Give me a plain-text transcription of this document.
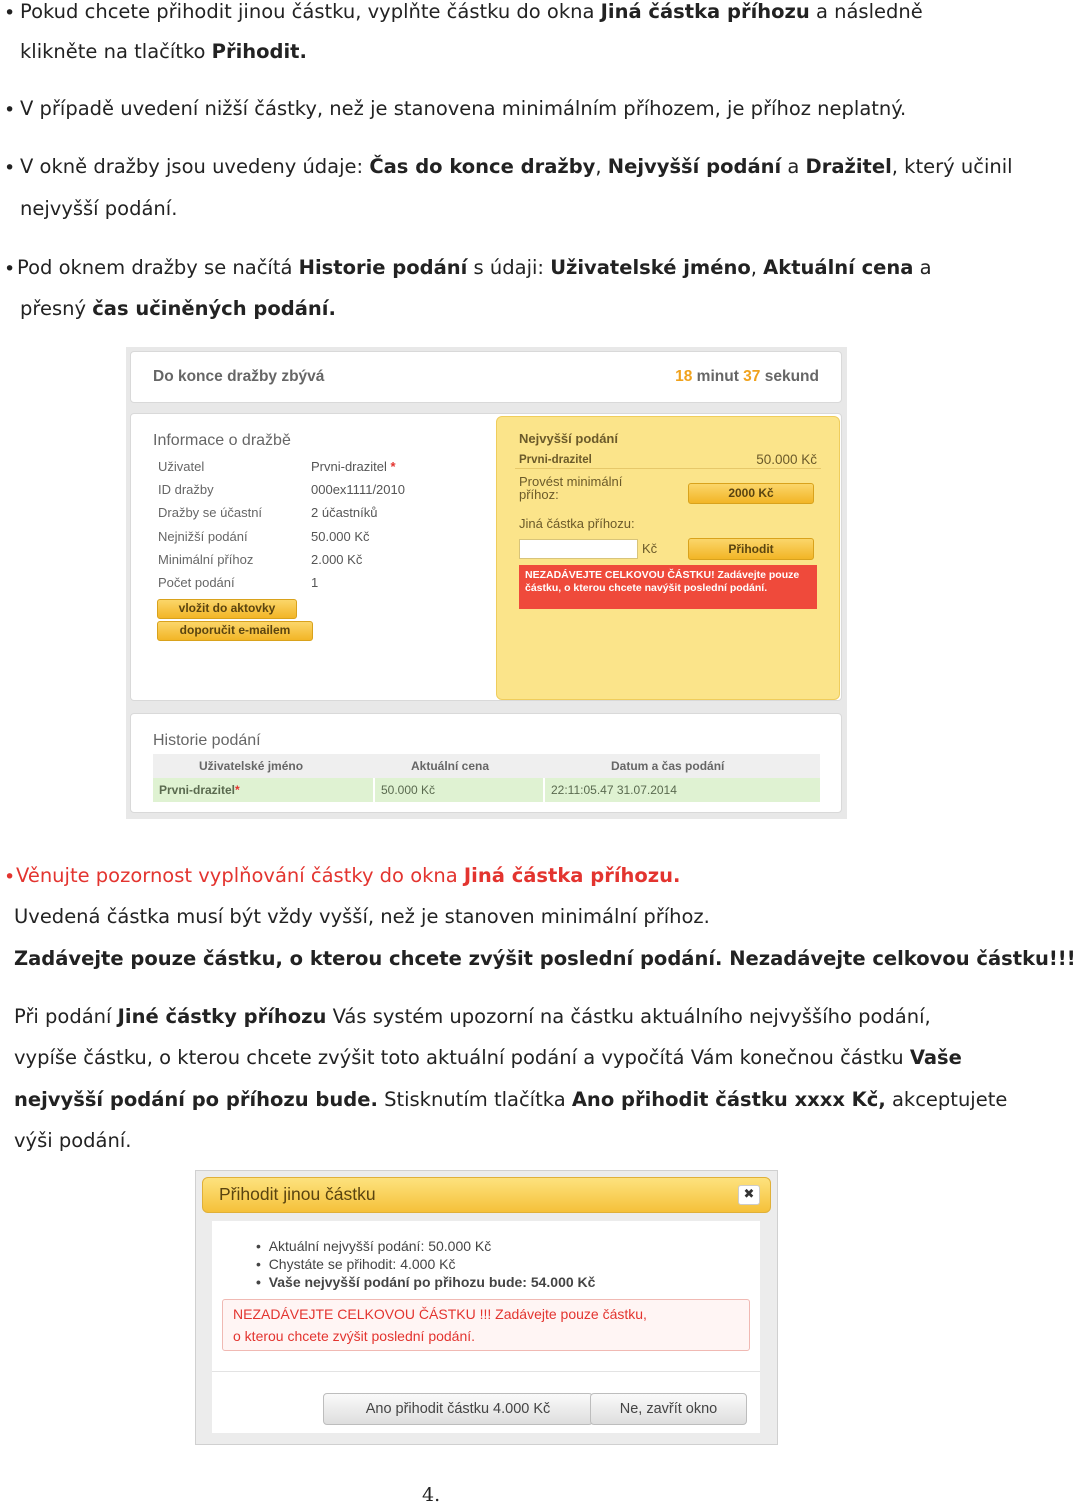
• Pokud chcete přihodit jinou částku, vyplňte částku do okna Jiná částka příhozu a následně
klikněte na tlačítko Přihodit.
• V případě uvedení nižší částky, než je stanovena minimálním příhozem, je příhoz neplatný.
• V okně dražby jsou uvedeny údaje: Čas do konce dražby, Nejvyšší podání a Dražitel, který učinil
nejvyšší podání.
• Pod oknem dražby se načítá Historie podání s údaji: Uživatelské jméno, Aktuální cena a
přesný čas učiněných podání.
Do konce dražby zbývá	18 minut 37 sekund
Informace o dražbě
Uživatel	Prvni-drazitel *
ID dražby	000ex1111/2010
Dražby se účastní	2 účastníků
Nejnižší podání	50.000 Kč
Minimální příhoz	2.000 Kč
Počet podání	1
vložit do aktovky
doporučit e-mailem
Nejvyšší podání
Prvni-drazitel	50.000 Kč
Provést minimální
příhoz:	2000 Kč
Jiná částka příhozu:
Kč	Přihodit
NEZADÁVEJTE CELKOVOU ČÁSTKU! Zadávejte pouze částku, o kterou chcete navýšit poslední podání.
Historie podání
Uživatelské jméno	Aktuální cena	Datum a čas podání
Prvni-drazitel*	50.000 Kč	22:11:05.47 31.07.2014
• Věnujte pozornost vyplňování částky do okna Jiná částka příhozu.
Uvedená částka musí být vždy vyšší, než je stanoven minimální příhoz.
Zadávejte pouze částku, o kterou chcete zvýšit poslední podání. Nezadávejte celkovou částku!!!
Při podání Jiné částky příhozu Vás systém upozorní na částku aktuálního nejvyššího podání,
vypíše částku, o kterou chcete zvýšit toto aktuální podání a vypočítá Vám konečnou částku Vaše
nejvyšší podání po příhozu bude. Stisknutím tlačítka Ano přihodit částku xxxx Kč, akceptujete
výši podání.
Přihodit jinou částku	✖
•  Aktuální nejvyšší podání: 50.000 Kč
•  Chystáte se přihodit: 4.000 Kč
•  Vaše nejvyšší podání po přihozu bude: 54.000 Kč
NEZADÁVEJTE CELKOVOU ČÁSTKU !!! Zadávejte pouze částku,
o kterou chcete zvýšit poslední podání.
Ano přihodit částku 4.000 Kč	Ne, zavřít okno
4.
